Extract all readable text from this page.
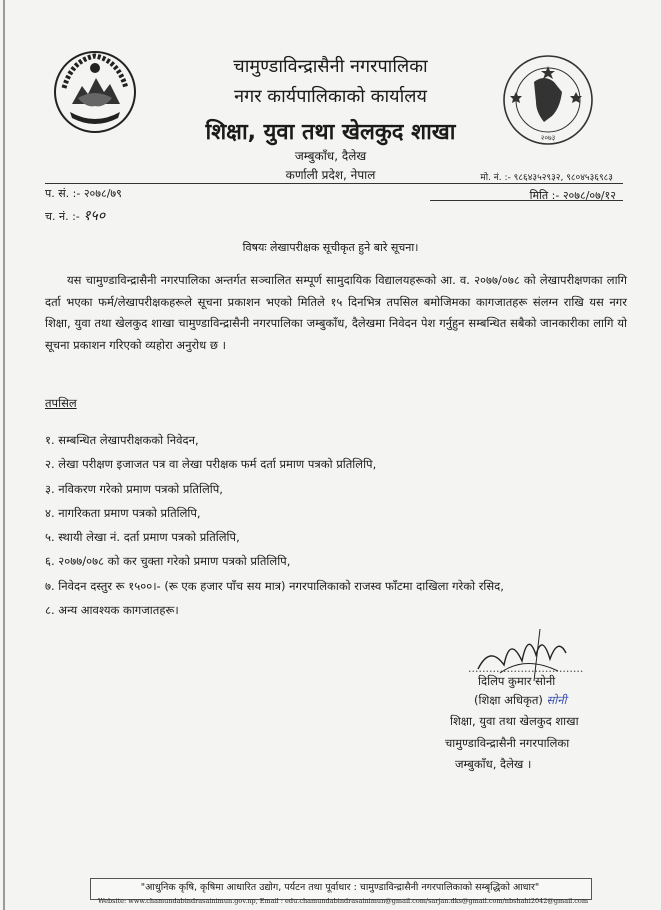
२०७३
चामुण्डाविन्द्रासैनी नगरपालिका
नगर कार्यपालिकाको कार्यालय
शिक्षा, युवा तथा खेलकुद शाखा
जम्बुकाँध, दैलेख
कर्णाली प्रदेश, नेपाल	मो. नं. :- ९८६४३५२९३२, ९८०४५३६९८३
प. सं. :- २०७८/७९
च. नं. :- १५०
मिति :- २०७८/०७/१२
विषयः लेखापरीक्षक सूचीकृत हुने बारे सूचना।
यस चामुण्डाविन्द्रासैनी नगरपालिका अन्तर्गत सञ्चालित सम्पूर्ण सामुदायिक विद्यालयहरूको आ. व. २०७७/०७८ को लेखापरीक्षणका लागि दर्ता भएका फर्म/लेखापरीक्षकहरूले सूचना प्रकाशन भएको मितिले १५ दिनभित्र तपसिल बमोजिमका कागजातहरू संलग्न राखि यस नगर शिक्षा, युवा तथा खेलकुद शाखा चामुण्डाविन्द्रासैनी नगरपालिका जम्बुकाँध, दैलेखमा निवेदन पेश गर्नुहुन सम्बन्धित सबैको जानकारीका लागि यो सूचना प्रकाशन गरिएको व्यहोरा अनुरोध छ ।
तपसिल
१. सम्बन्धित लेखापरीक्षकको निवेदन,
२. लेखा परीक्षण इजाजत पत्र वा लेखा परीक्षक फर्म दर्ता प्रमाण पत्रको प्रतिलिपि,
३. नविकरण गरेको प्रमाण पत्रको प्रतिलिपि,
४. नागरिकता प्रमाण पत्रको प्रतिलिपि,
५. स्थायी लेखा नं. दर्ता प्रमाण पत्रको प्रतिलिपि,
६. २०७७/०७८ को कर चुक्ता गरेको प्रमाण पत्रको प्रतिलिपि,
७. निवेदन दस्तुर रू १५००।- (रू एक हजार पाँच सय मात्र) नगरपालिकाको राजस्व फाँटमा दाखिला गरेको रसिद,
८. अन्य आवश्यक कागजातहरू।
.................................
दिलिप कुमार सोनी
(शिक्षा अधिकृत) सोनी
शिक्षा, युवा तथा खेलकुद शाखा
चामुण्डाविन्द्रासैनी नगरपालिका
जम्बुकाँध, दैलेख ।
"आधुनिक कृषि, कृषिमा आधारित उद्योग, पर्यटन तथा पूर्वाधार : चामुण्डाविन्द्रासैनी नगरपालिकाको सम्बृद्धिको आधार"
Website: www.chamundabindrasainimun.gov.np, Email : edu.chamundabindrasainimun@gmail.com/sarjan.dks@gmail.com/nbshahi2042@gmail.com
